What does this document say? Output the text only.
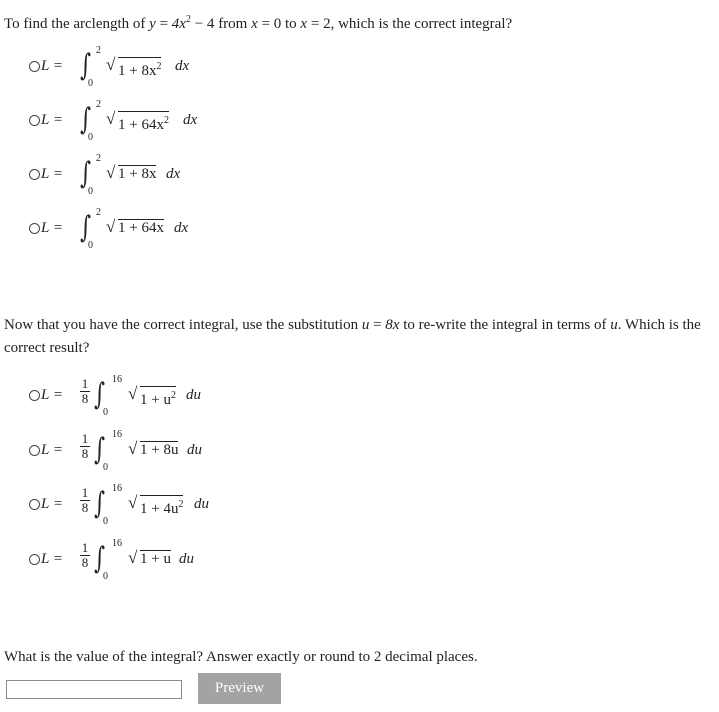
To find the arclength of $y = 4x^2 - 4$ from x = 0 to x = 2, which is the correct integral?
L = ∫ 2
0
√ $1 + 8x^2$ dx
L = ∫ 2
0
√ $1 + 64x^2$ dx
L = ∫ 2
0
√ 1 + 8x dx
L = ∫ 2
0
√ 1 + 64x dx
Now that you have the correct integral, use the substitution u = 8x to re-write the integral in terms of u. Which is the correct result?
$L = \frac{1}{8}$ ∫ 16
0
√ $1 + u^2$ du
$L = \frac{1}{8}$ ∫ 16
0
√ 1 + 8u du
$L = \frac{1}{8}$ ∫ 16
0
√ $1 + 4u^2$ du
$L = \frac{1}{8}$ ∫ 16
0
√ 1 + u du
What is the value of the integral? Answer exactly or round to 2 decimal places.
Preview
